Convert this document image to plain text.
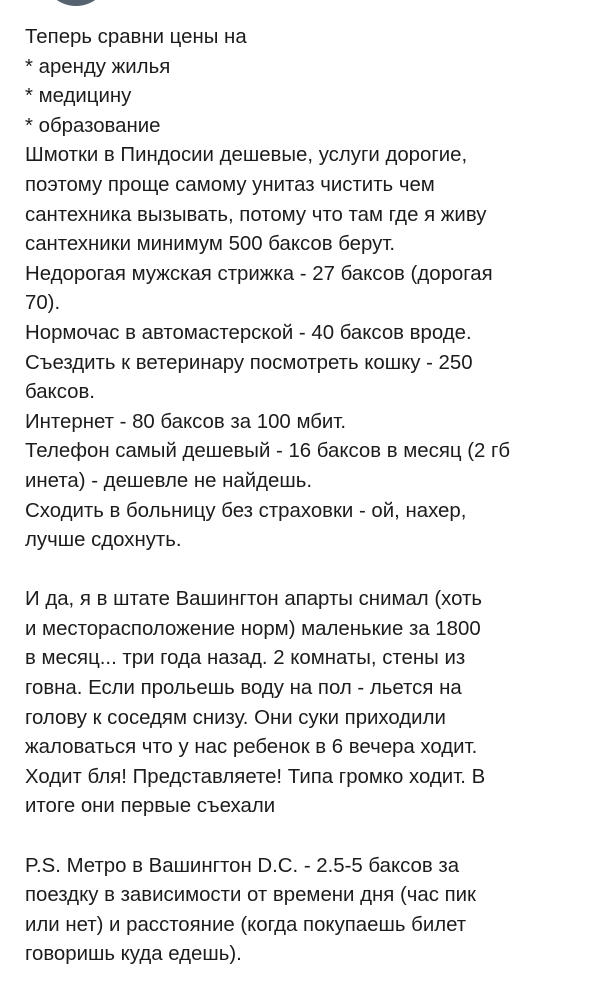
Теперь сравни цены на
* аренду жилья
* медицину
* образование
Шмотки в Пиндосии дешевые, услуги дорогие,
поэтому проще самому унитаз чистить чем
сантехника вызывать, потому что там где я живу
сантехники минимум 500 баксов берут.
Недорогая мужская стрижка - 27 баксов (дорогая
70).
Нормочас в автомастерской - 40 баксов вроде.
Съездить к ветеринару посмотреть кошку - 250
баксов.
Интернет - 80 баксов за 100 мбит.
Телефон самый дешевый - 16 баксов в месяц (2 гб
инета) - дешевле не найдешь.
Сходить в больницу без страховки - ой, нахер,
лучше сдохнуть.
И да, я в штате Вашингтон апарты снимал (хоть
и месторасположение норм) маленькие за 1800
в месяц... три года назад. 2 комнаты, стены из
говна. Если прольешь воду на пол - льется на
голову к соседям снизу. Они суки приходили
жаловаться что у нас ребенок в 6 вечера ходит.
Ходит бля! Представляете! Типа громко ходит. В
итоге они первые съехали
P.S. Метро в Вашингтон D.C. - 2.5-5 баксов за
поездку в зависимости от времени дня (час пик
или нет) и расстояние (когда покупаешь билет
говоришь куда едешь).
